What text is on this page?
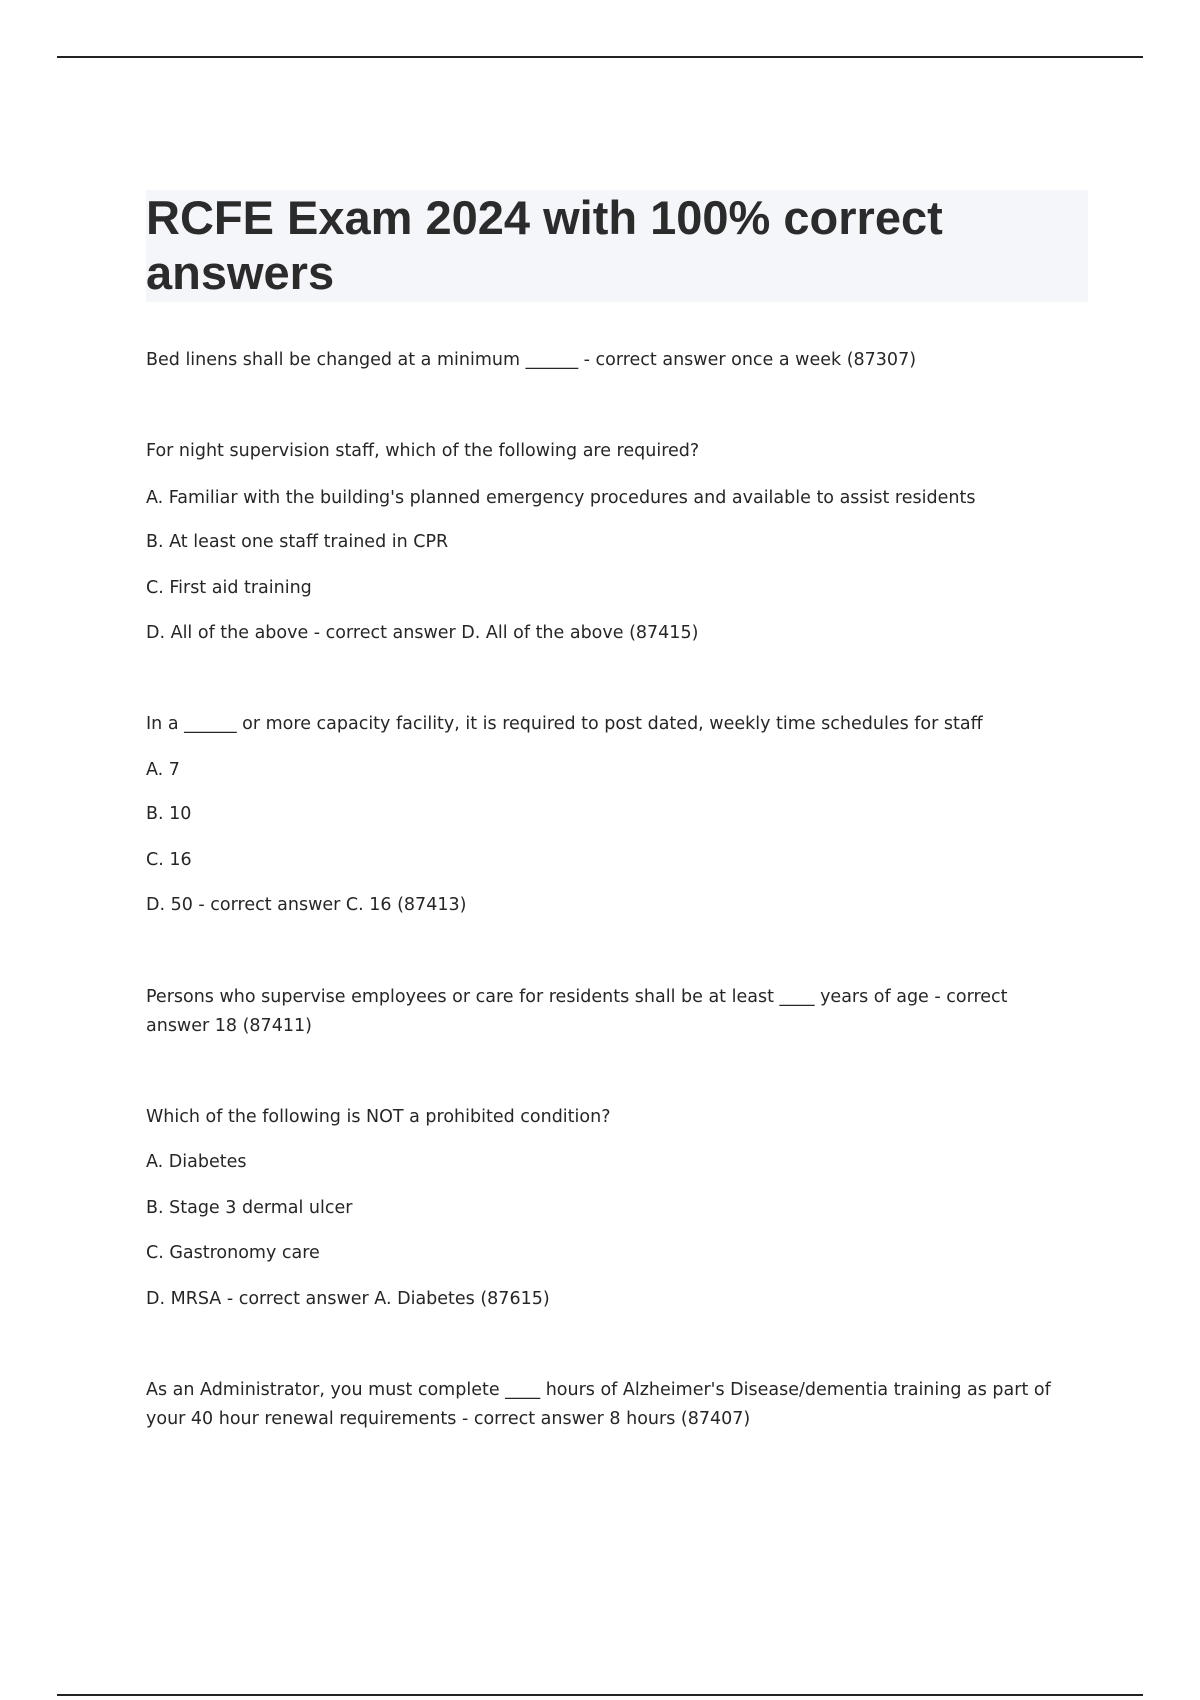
RCFE Exam 2024 with 100% correct answers

Bed linens shall be changed at a minimum ______ - correct answer once a week (87307)

For night supervision staff, which of the following are required?

A. Familiar with the building's planned emergency procedures and available to assist residents

B. At least one staff trained in CPR

C. First aid training

D. All of the above - correct answer D. All of the above (87415)

In a ______ or more capacity facility, it is required to post dated, weekly time schedules for staff

A. 7

B. 10

C. 16

D. 50 - correct answer C. 16 (87413)

Persons who supervise employees or care for residents shall be at least ____ years of age - correct

answer 18 (87411)

Which of the following is NOT a prohibited condition?

A. Diabetes

B. Stage 3 dermal ulcer

C. Gastronomy care

D. MRSA - correct answer A. Diabetes (87615)

As an Administrator, you must complete ____ hours of Alzheimer's Disease/dementia training as part of

your 40 hour renewal requirements - correct answer 8 hours (87407)
